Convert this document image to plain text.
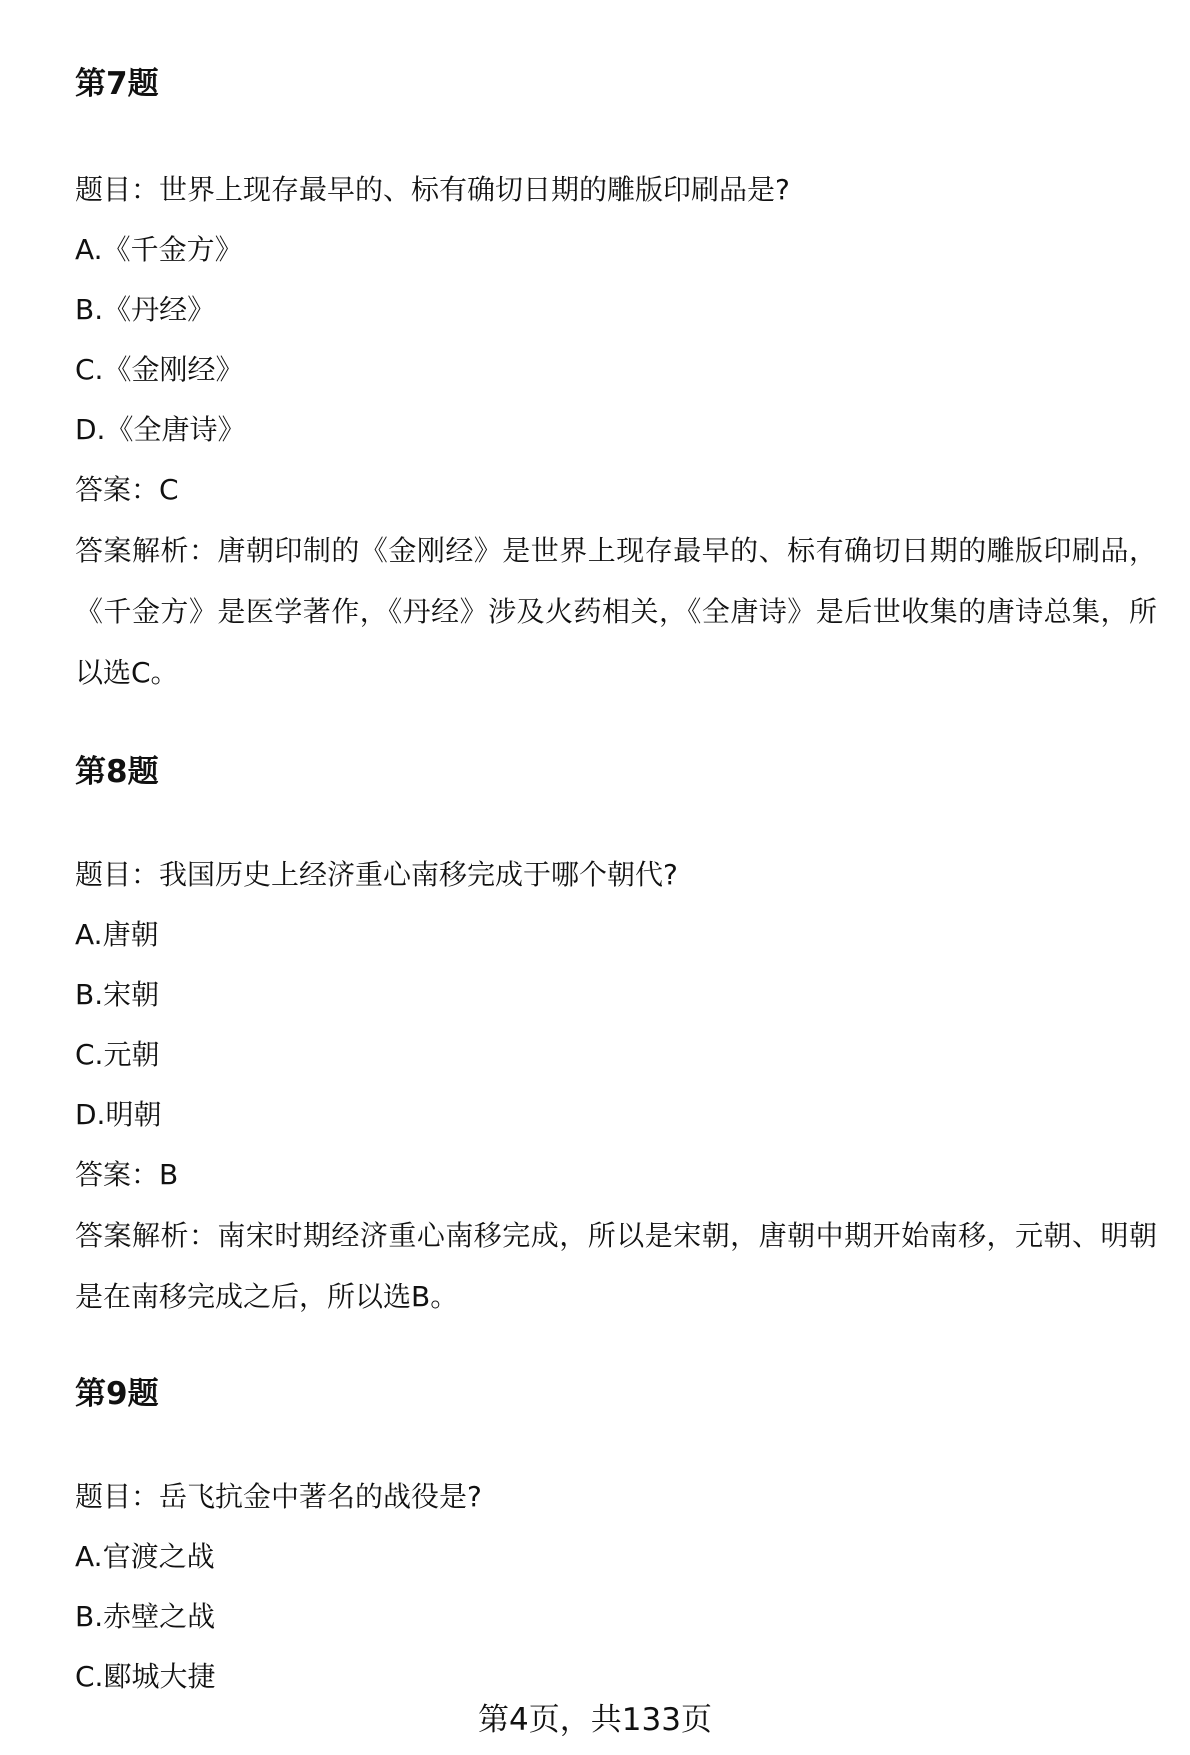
第7题

题目：世界上现存最早的、标有确切日期的雕版印刷品是?

A.《千金方》

B.《丹经》

C.《金刚经》

D.《全唐诗》

答案：C

答案解析：唐朝印制的《金刚经》是世界上现存最早的、标有确切日期的雕版印刷品，《千金方》是医学著作，《丹经》涉及火药相关，《全唐诗》是后世收集的唐诗总集，所以选C。

第8题

题目：我国历史上经济重心南移完成于哪个朝代?

A.唐朝

B.宋朝

C.元朝

D.明朝

答案：B

答案解析：南宋时期经济重心南移完成，所以是宋朝，唐朝中期开始南移，元朝、明朝是在南移完成之后，所以选B。

第9题

题目：岳飞抗金中著名的战役是?

A.官渡之战

B.赤壁之战

C.郾城大捷

第4页，共133页
